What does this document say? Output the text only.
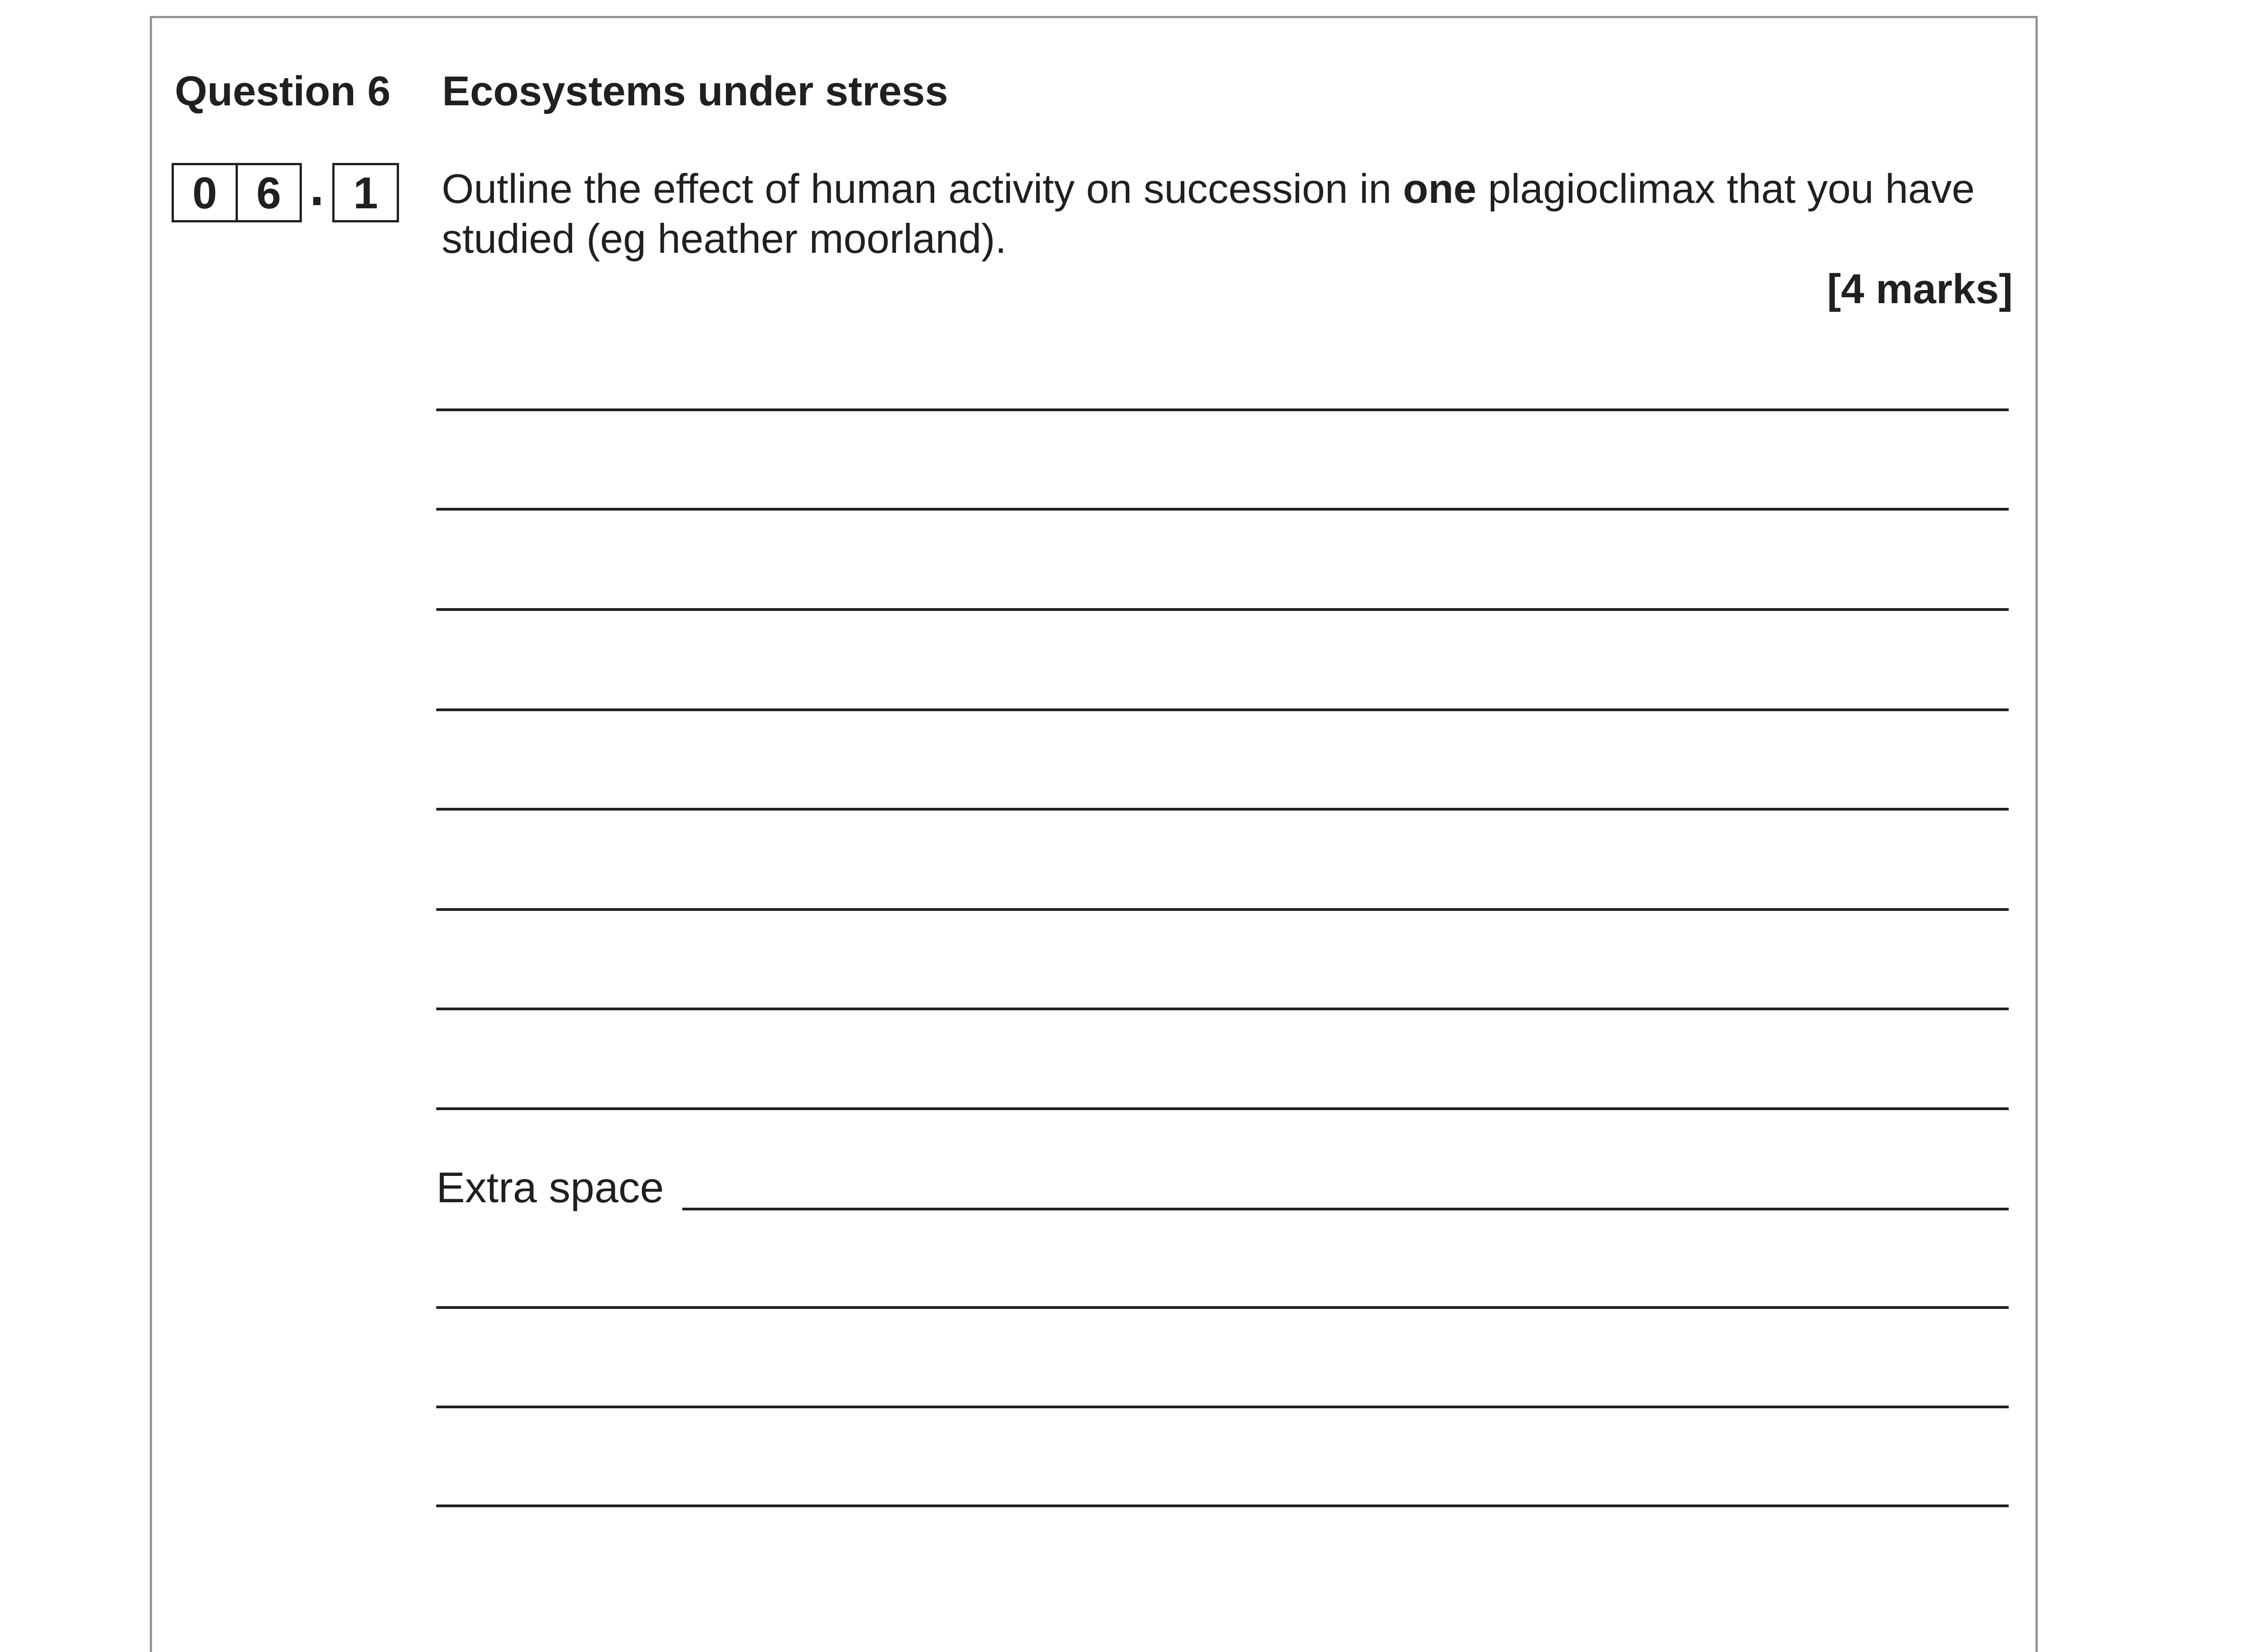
Question 6 Ecosystems under stress
0 6	1	Outline the effect of human activity on succession in one plagioclimax that you have studied (eg heather moorland).
[4 marks]
Extra space
